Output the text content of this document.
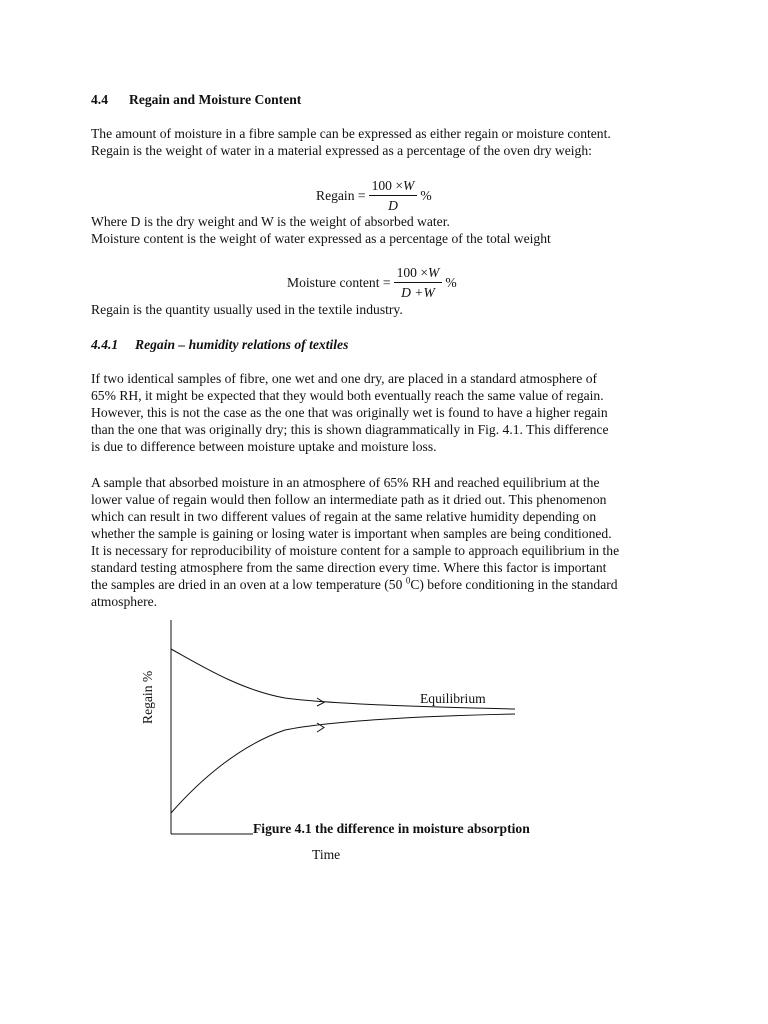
4.4 Regain and Moisture Content
The amount of moisture in a fibre sample can be expressed as either regain or moisture content.
Regain is the weight of water in a material expressed as a percentage of the oven dry weigh:
Regain = $\frac{100 \times W}{D}$ %
Where D is the dry weight and W is the weight of absorbed water.
Moisture content is the weight of water expressed as a percentage of the total weight
Moisture content = $\frac{100 \times W}{D +W}$ %
Regain is the quantity usually used in the textile industry.
4.4.1 Regain – humidity relations of textiles
If two identical samples of fibre, one wet and one dry, are placed in a standard atmosphere of
65% RH, it might be expected that they would both eventually reach the same value of regain.
However, this is not the case as the one that was originally wet is found to have a higher regain
than the one that was originally dry; this is shown diagrammatically in Fig. 4.1. This difference
is due to difference between moisture uptake and moisture loss.
A sample that absorbed moisture in an atmosphere of 65% RH and reached equilibrium at the
lower value of regain would then follow an intermediate path as it dried out. This phenomenon
which can result in two different values of regain at the same relative humidity depending on
whether the sample is gaining or losing water is important when samples are being conditioned.
It is necessary for reproducibility of moisture content for a sample to approach equilibrium in the
standard testing atmosphere from the same direction every time. Where this factor is important
the samples are dried in an oven at a low temperature (50 $^0$C) before conditioning in the standard
atmosphere.
Equilibrium
Regain %
Figure 4.1 the difference in moisture absorption
Time
